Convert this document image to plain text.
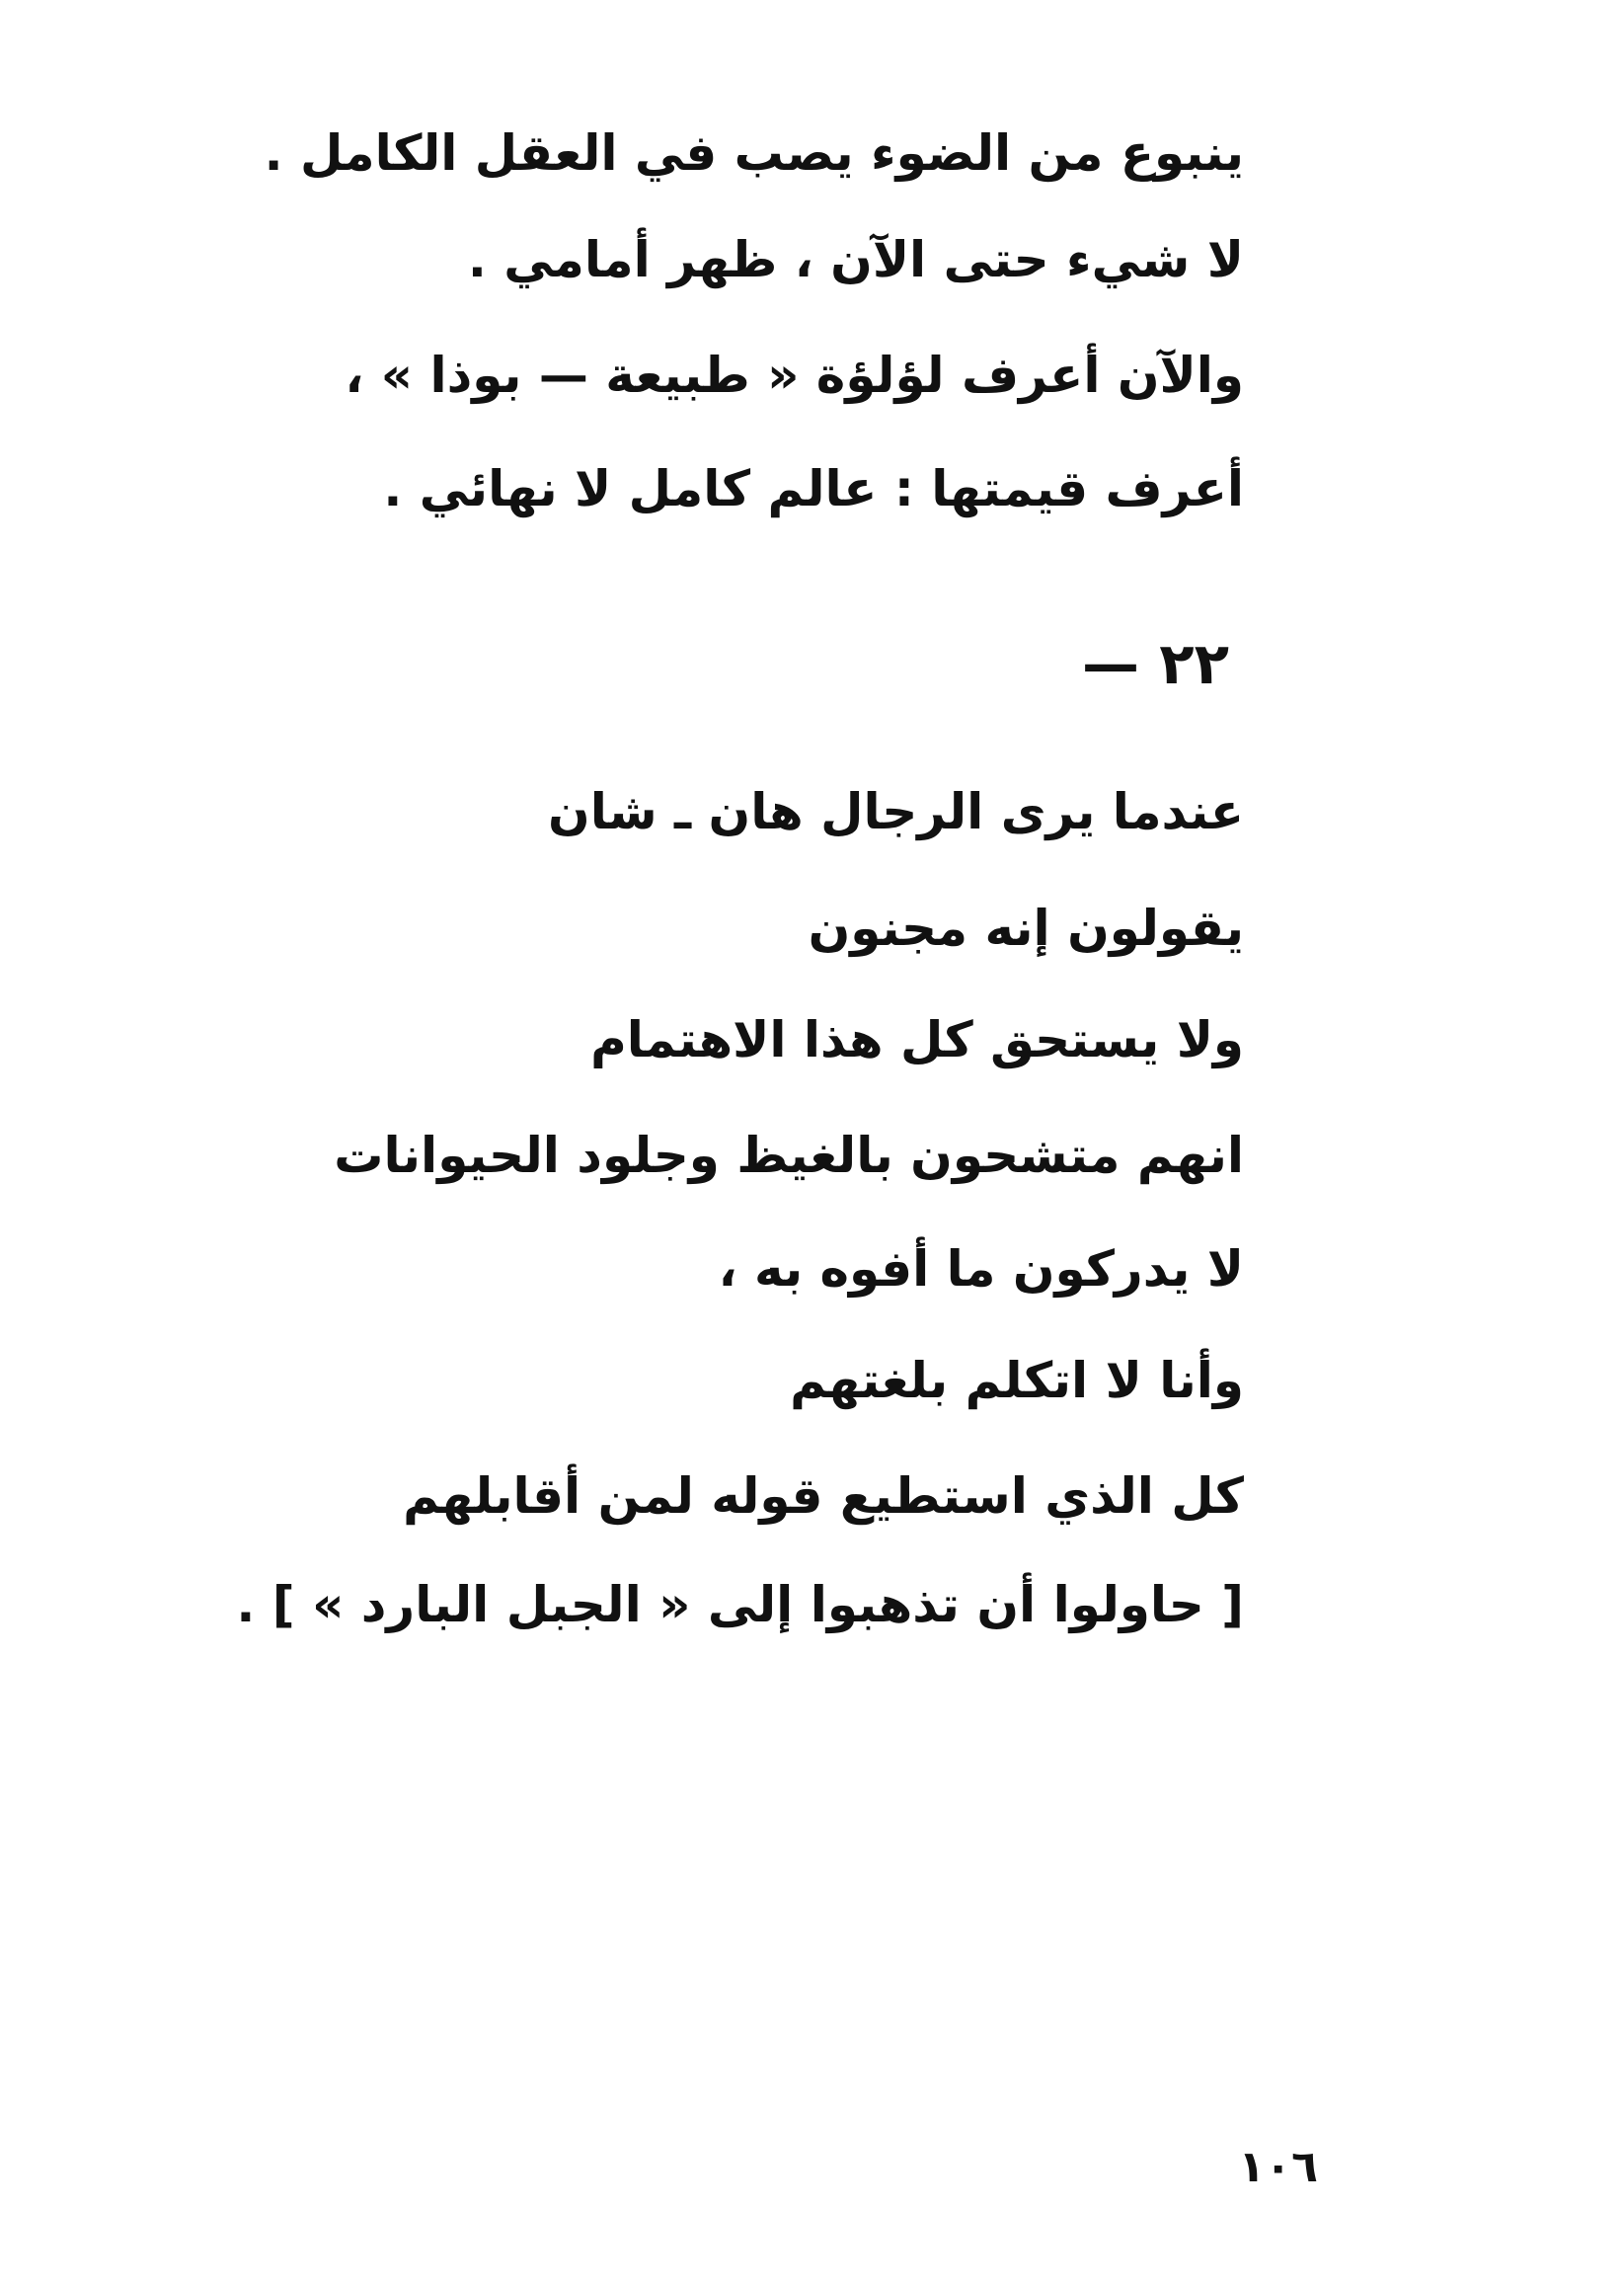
ينبوع من الضوء يصب في العقل الكامل .
لا شيء حتى الآن ، ظهر أمامي .
والآن أعرف لؤلؤة « طبيعة — بوذا » ،
أعرف قيمتها : عالم كامل لا نهائي .
٢٢ —
عندما يرى الرجال هان ـ شان
يقولون إنه مجنون
ولا يستحق كل هذا الاهتمام
انهم متشحون بالغيظ وجلود الحيوانات
لا يدركون ما أفوه به ،
وأنا لا اتكلم بلغتهم
كل الذي استطيع قوله لمن أقابلهم
[ حاولوا أن تذهبوا إلى « الجبل البارد » ] .
١٠٦
